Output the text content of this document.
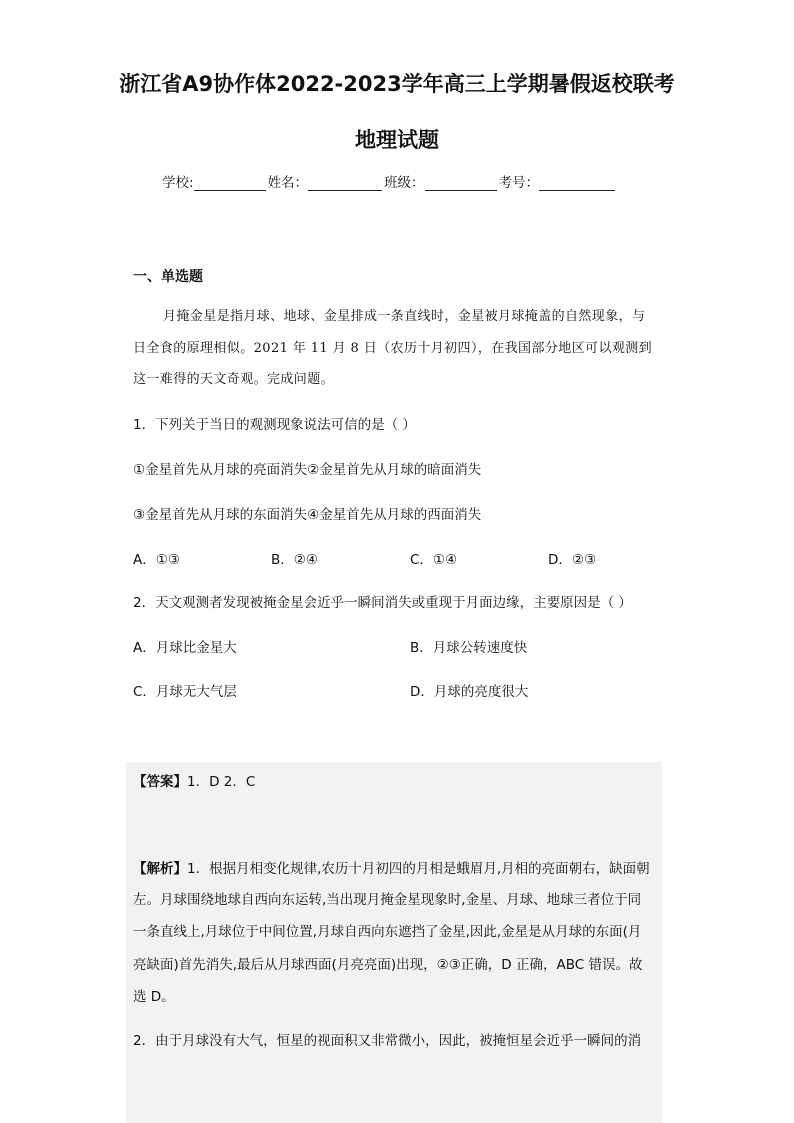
浙江省A9协作体2022-2023学年高三上学期暑假返校联考
地理试题
学校:	姓名：	班级：	考号：
一、单选题
月掩金星是指月球、地球、金星排成一条直线时，金星被月球掩盖的自然现象，与
日全食的原理相似。2021 年 11 月 8 日（农历十月初四），在我国部分地区可以观测到
这一难得的天文奇观。完成问题。
1．下列关于当日的观测现象说法可信的是（ ）
①金星首先从月球的亮面消失②金星首先从月球的暗面消失
③金星首先从月球的东面消失④金星首先从月球的西面消失
A．①③	B．②④	C．①④	D．②③
2．天文观测者发现被掩金星会近乎一瞬间消失或重现于月面边缘，主要原因是（ ）
A．月球比金星大	B．月球公转速度快
C．月球无大气层	D．月球的亮度很大
【答案】1．D 2．C
【解析】1．根据月相变化规律,农历十月初四的月相是蛾眉月,月相的亮面朝右，缺面朝
左。月球围绕地球自西向东运转,当出现月掩金星现象时,金星、月球、地球三者位于同
一条直线上,月球位于中间位置,月球自西向东遮挡了金星,因此,金星是从月球的东面(月
亮缺面)首先消失,最后从月球西面(月亮亮面)出现，②③正确，D 正确，ABC 错误。故
选 D。
2．由于月球没有大气，恒星的视面积又非常微小，因此，被掩恒星会近乎一瞬间的消
